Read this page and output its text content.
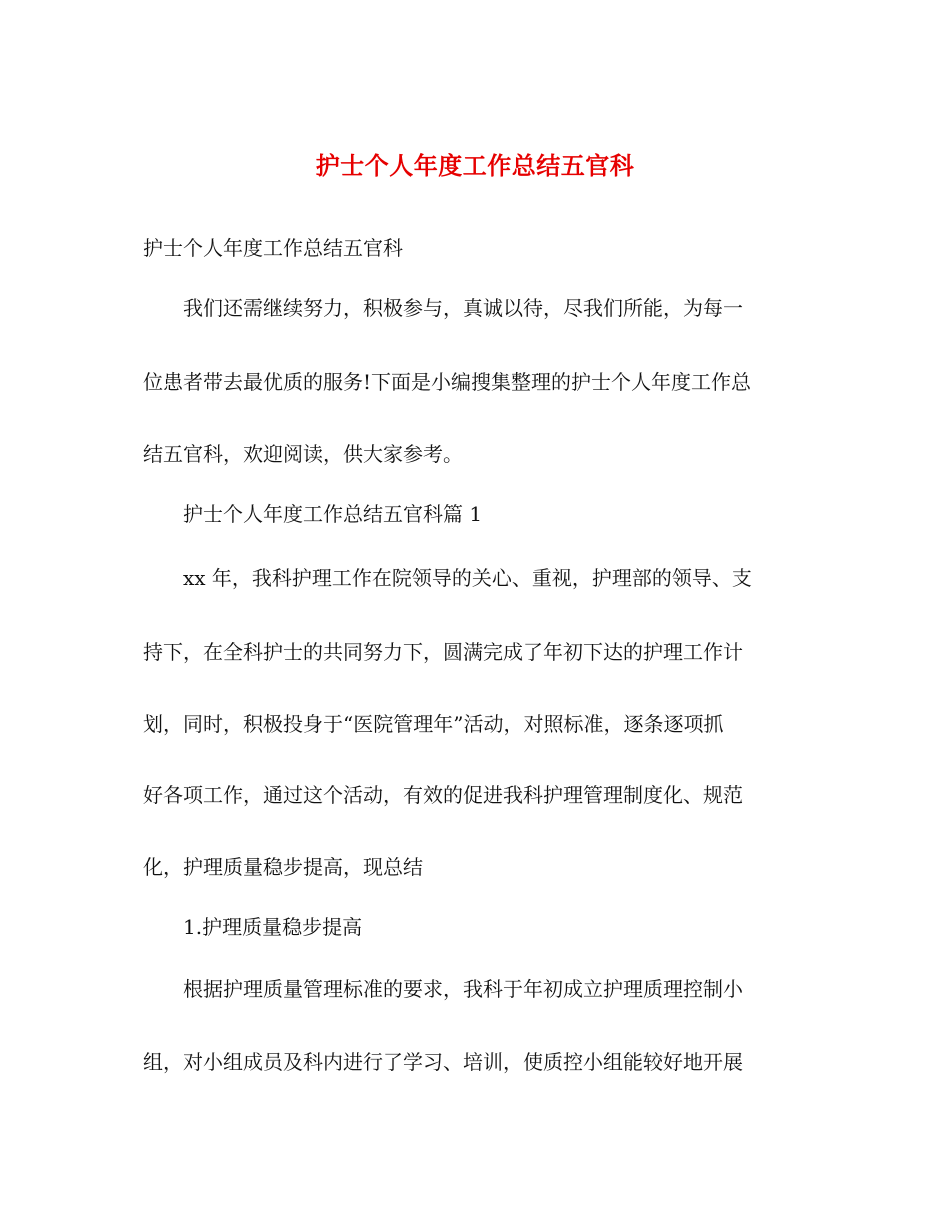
护士个人年度工作总结五官科
护士个人年度工作总结五官科
我们还需继续努力，积极参与，真诚以待，尽我们所能，为每一
位患者带去最优质的服务!下面是小编搜集整理的护士个人年度工作总
结五官科，欢迎阅读，供大家参考。
护士个人年度工作总结五官科篇 1
xx 年，我科护理工作在院领导的关心、重视，护理部的领导、支
持下，在全科护士的共同努力下，圆满完成了年初下达的护理工作计
划，同时，积极投身于“医院管理年”活动，对照标准，逐条逐项抓
好各项工作，通过这个活动，有效的促进我科护理管理制度化、规范
化，护理质量稳步提高，现总结
1.护理质量稳步提高
根据护理质量管理标准的要求，我科于年初成立护理质理控制小
组，对小组成员及科内进行了学习、培训，使质控小组能较好地开展
